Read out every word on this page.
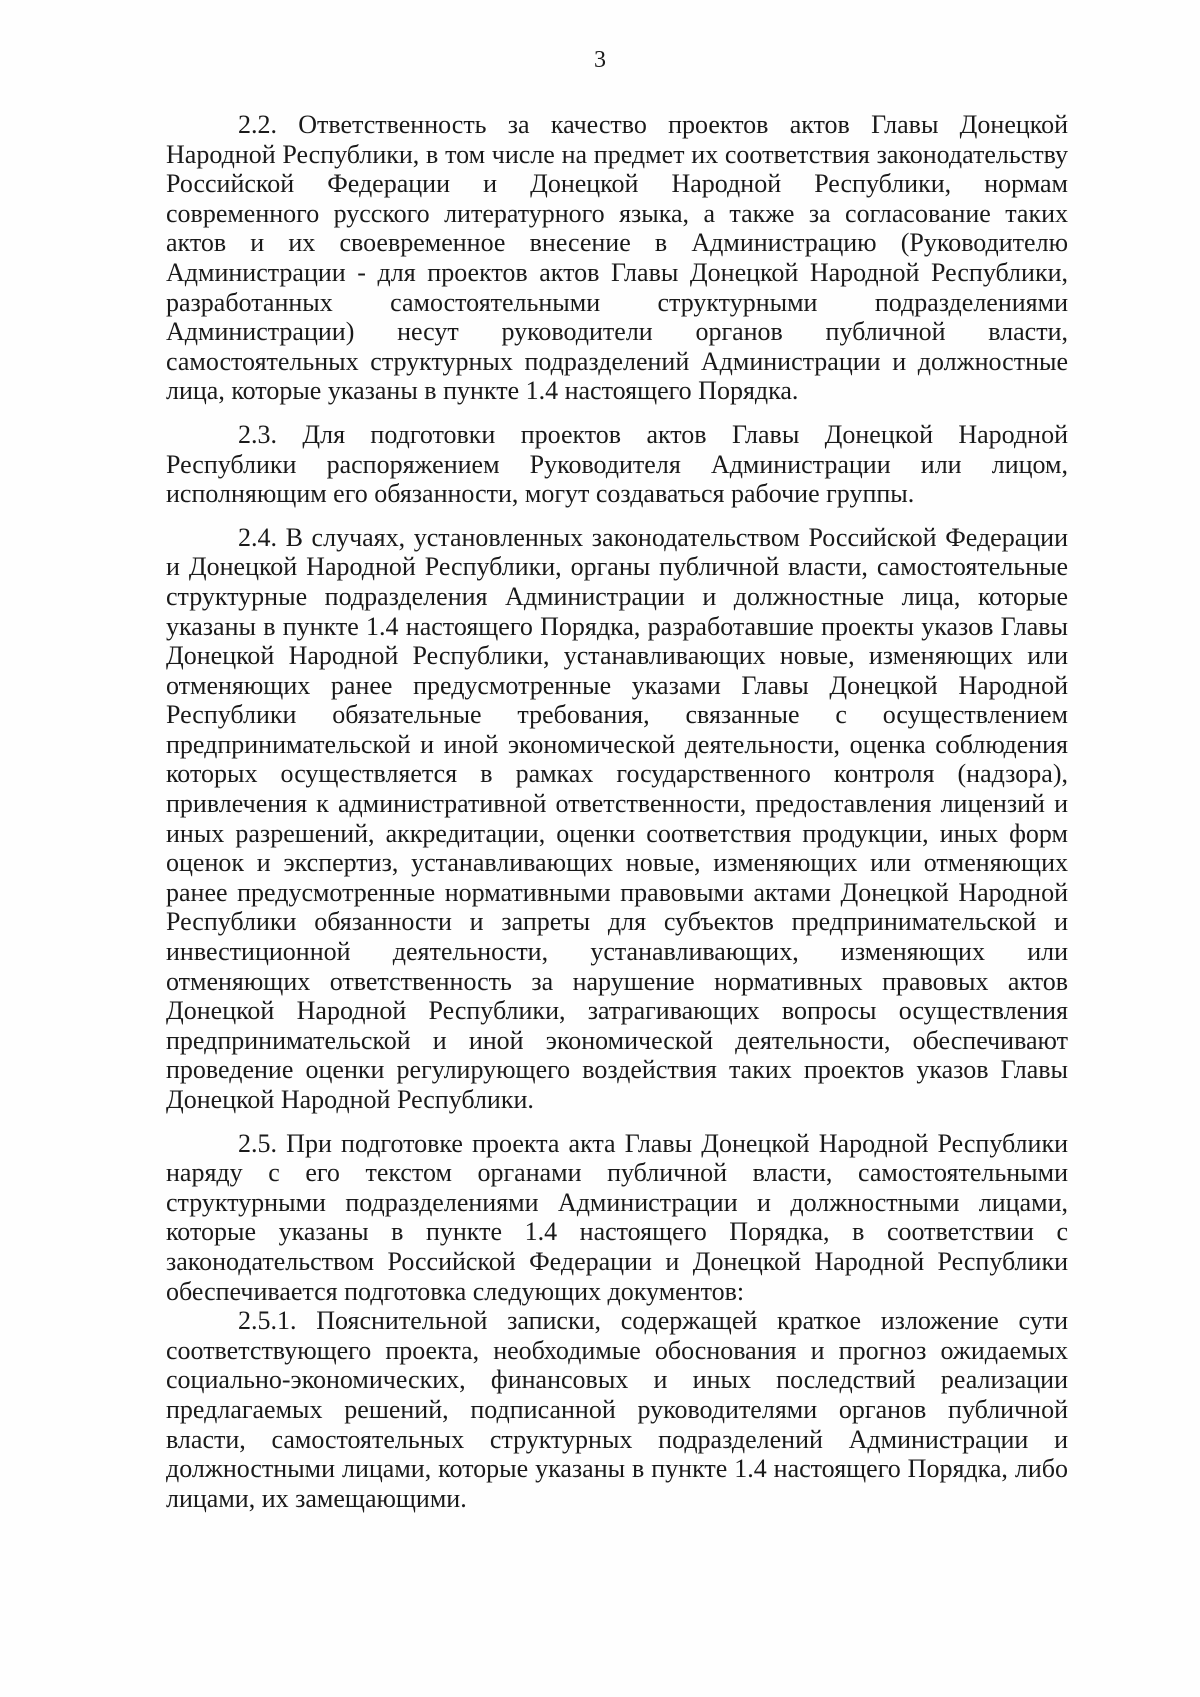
3

2.2. Ответственность за качество проектов актов Главы Донецкой Народной Республики, в том числе на предмет их соответствия законодательству Российской Федерации и Донецкой Народной Республики, нормам современного русского литературного языка, а также за согласование таких актов и их своевременное внесение в Администрацию (Руководителю Администрации - для проектов актов Главы Донецкой Народной Республики, разработанных самостоятельными структурными подразделениями Администрации) несут руководители органов публичной власти, самостоятельных структурных подразделений Администрации и должностные лица, которые указаны в пункте 1.4 настоящего Порядка.

2.3. Для подготовки проектов актов Главы Донецкой Народной Республики распоряжением Руководителя Администрации или лицом, исполняющим его обязанности, могут создаваться рабочие группы.

2.4. В случаях, установленных законодательством Российской Федерации и Донецкой Народной Республики, органы публичной власти, самостоятельные структурные подразделения Администрации и должностные лица, которые указаны в пункте 1.4 настоящего Порядка, разработавшие проекты указов Главы Донецкой Народной Республики, устанавливающих новые, изменяющих или отменяющих ранее предусмотренные указами Главы Донецкой Народной Республики обязательные требования, связанные с осуществлением предпринимательской и иной экономической деятельности, оценка соблюдения которых осуществляется в рамках государственного контроля (надзора), привлечения к административной ответственности, предоставления лицензий и иных разрешений, аккредитации, оценки соответствия продукции, иных форм оценок и экспертиз, устанавливающих новые, изменяющих или отменяющих ранее предусмотренные нормативными правовыми актами Донецкой Народной Республики обязанности и запреты для субъектов предпринимательской и инвестиционной деятельности, устанавливающих, изменяющих или отменяющих ответственность за нарушение нормативных правовых актов Донецкой Народной Республики, затрагивающих вопросы осуществления предпринимательской и иной экономической деятельности, обеспечивают проведение оценки регулирующего воздействия таких проектов указов Главы Донецкой Народной Республики.

2.5. При подготовке проекта акта Главы Донецкой Народной Республики наряду с его текстом органами публичной власти, самостоятельными структурными подразделениями Администрации и должностными лицами, которые указаны в пункте 1.4 настоящего Порядка, в соответствии с законодательством Российской Федерации и Донецкой Народной Республики обеспечивается подготовка следующих документов:

2.5.1. Пояснительной записки, содержащей краткое изложение сути соответствующего проекта, необходимые обоснования и прогноз ожидаемых социально-экономических, финансовых и иных последствий реализации предлагаемых решений, подписанной руководителями органов публичной власти, самостоятельных структурных подразделений Администрации и должностными лицами, которые указаны в пункте 1.4 настоящего Порядка, либо лицами, их замещающими.
